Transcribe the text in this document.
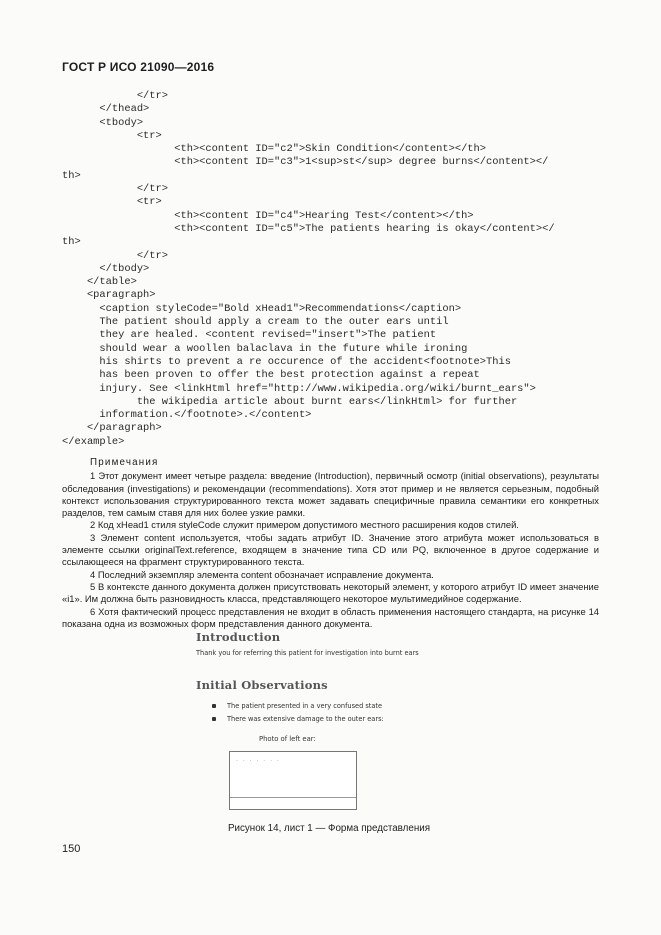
ГОСТ Р ИСО 21090—2016
</tr>
</thead>
<tbody>
<tr>
<th><content ID="c2">Skin Condition</content></th>
<th><content ID="c3">1<sup>st</sup> degree burns</content></
th>
</tr>
<tr>
<th><content ID="c4">Hearing Test</content></th>
<th><content ID="c5">The patients hearing is okay</content></
th>
</tr>
</tbody>
</table>
<paragraph>
<caption styleCode="Bold xHead1">Recommendations</caption>
The patient should apply a cream to the outer ears until
they are healed. <content revised="insert">The patient
should wear a woollen balaclava in the future while ironing
his shirts to prevent a re occurence of the accident<footnote>This
has been proven to offer the best protection against a repeat
injury. See <linkHtml href="http://www.wikipedia.org/wiki/burnt_ears">
the wikipedia article about burnt ears</linkHtml> for further
information.</footnote>.</content>
</paragraph>
</example>
Примечания

1 Этот документ имеет четыре раздела: введение (Introduction), первичный осмотр (initial observations), результаты обследования (investigations) и рекомендации (recommendations). Хотя этот пример и не является серьезным, подобный контекст использования структурированного текста может задавать специфичные правила семантики его конкретных разделов, тем самым ставя для них более узкие рамки.

2 Код xHead1 стиля styleCode служит примером допустимого местного расширения кодов стилей.

3 Элемент content используется, чтобы задать атрибут ID. Значение этого атрибута может использоваться в элементе ссылки originalText.reference, входящем в значение типа CD или PQ, включенное в другое содержание и ссылающееся на фрагмент структурированного текста.

4 Последний экземпляр элемента content обозначает исправление документа.

5 В контексте данного документа должен присутствовать некоторый элемент, у которого атрибут ID имеет значение «i1». Им должна быть разновидность класса, представляющего некоторое мультимедийное содержание.

6 Хотя фактический процесс представления не входит в область применения настоящего стандарта, на рисунке 14 показана одна из возможных форм представления данного документа.

Introduction
Thank you for referring this patient for investigation into burnt ears
Initial Observations
The patient presented in a very confused state
There was extensive damage to the outer ears:
Photo of left ear:
· · · · · · ·
Рисунок 14, лист 1 — Форма представления
150
